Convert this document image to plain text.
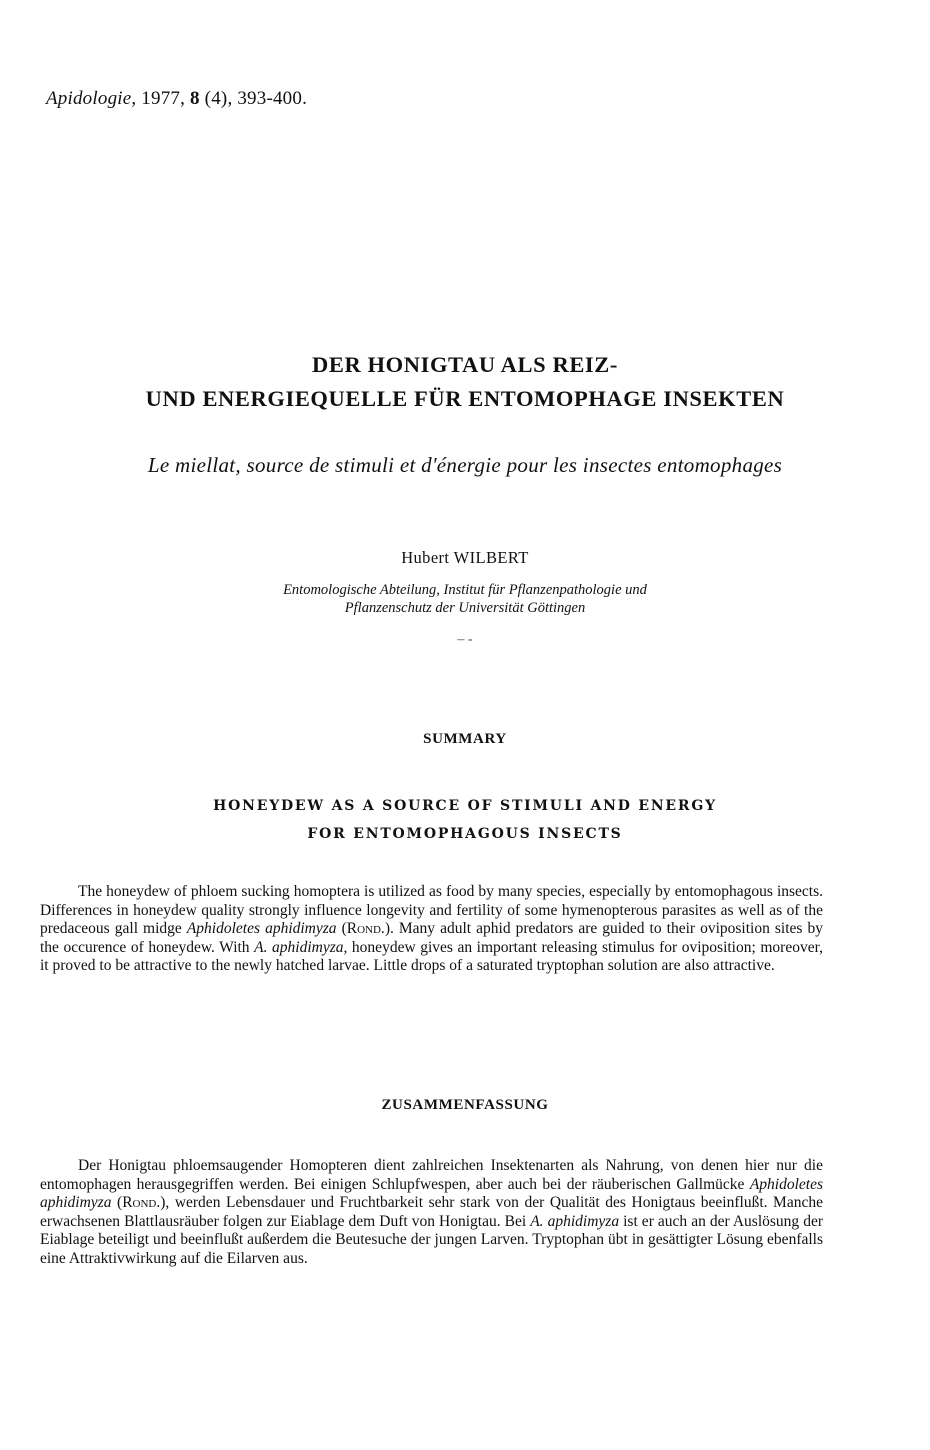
Apidologie, 1977, 8 (4), 393-400.
DER HONIGTAU ALS REIZ-
UND ENERGIEQUELLE FÜR ENTOMOPHAGE INSEKTEN
Le miellat, source de stimuli et d'énergie pour les insectes entomophages
Hubert WILBERT
Entomologische Abteilung, Institut für Pflanzenpathologie und
Pflanzenschutz der Universität Göttingen
– -
SUMMARY
HONEYDEW AS A SOURCE OF STIMULI AND ENERGY
FOR ENTOMOPHAGOUS INSECTS
The honeydew of phloem sucking homoptera is utilized as food by many species, especially by entomophagous insects. Differences in honeydew quality strongly influence longevity and fertility of some hymenopterous parasites as well as of the predaceous gall midge Aphidoletes aphidimyza (Rond.). Many adult aphid predators are guided to their oviposition sites by the occurence of honeydew. With A. aphidimyza, honeydew gives an important releasing stimulus for oviposition; moreover, it proved to be attractive to the newly hatched larvae. Little drops of a saturated tryptophan solution are also attractive.
ZUSAMMENFASSUNG
Der Honigtau phloemsaugender Homopteren dient zahlreichen Insektenarten als Nahrung, von denen hier nur die entomophagen herausgegriffen werden. Bei einigen Schlupfwespen, aber auch bei der räuberischen Gallmücke Aphidoletes aphidimyza (Rond.), werden Lebensdauer und Fruchtbarkeit sehr stark von der Qualität des Honigtaus beeinflußt. Manche erwachsenen Blattlausräuber folgen zur Eiablage dem Duft von Honigtau. Bei A. aphidimyza ist er auch an der Auslösung der Eiablage beteiligt und beeinflußt außerdem die Beutesuche der jungen Larven. Tryptophan übt in gesättigter Lösung ebenfalls eine Attraktivwirkung auf die Eilarven aus.
